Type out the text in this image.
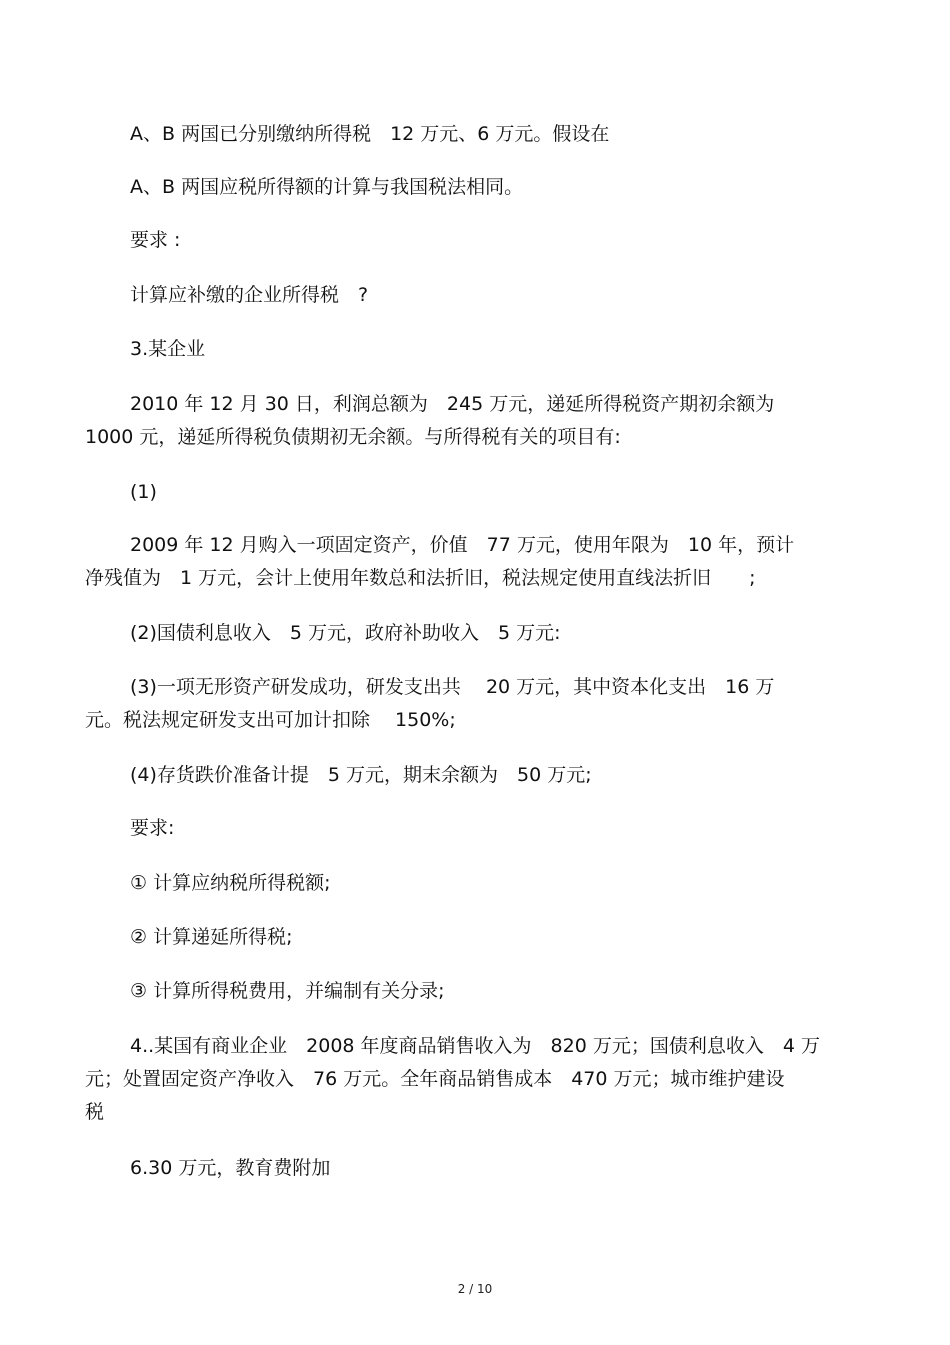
A、B 两国已分别缴纳所得税　12 万元、6 万元。假设在
A、B 两国应税所得额的计算与我国税法相同。
要求 :
计算应补缴的企业所得税　?
3.某企业
2010 年 12 月 30 日，利润总额为　245 万元，递延所得税资产期初余额为
1000 元，递延所得税负债期初无余额。与所得税有关的项目有:
(1)
2009 年 12 月购入一项固定资产，价值　77 万元，使用年限为　10 年，预计
净残值为　1 万元，会计上使用年数总和法折旧，税法规定使用直线法折旧　　;
(2)国债利息收入　5 万元，政府补助收入　5 万元:
(3)一项无形资产研发成功，研发支出共　 20 万元，其中资本化支出　16 万
元。税法规定研发支出可加计扣除　 150%;
(4)存货跌价准备计提　5 万元，期末余额为　50 万元;
要求:
① 计算应纳税所得税额;
② 计算递延所得税;
③ 计算所得税费用，并编制有关分录;
4..某国有商业企业　2008 年度商品销售收入为　820 万元；国债利息收入　4 万
元；处置固定资产净收入　76 万元。全年商品销售成本　470 万元；城市维护建设
税
6.30 万元，教育费附加
2 / 10
